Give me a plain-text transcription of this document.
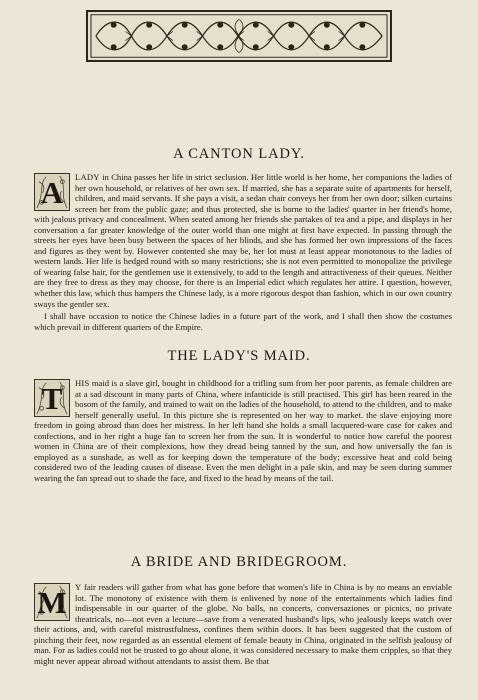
A CANTON LADY.
A	LADY in China passes her life in strict seclusion. Her little world is her home, her companions the ladies of her own household, or relatives of her own sex. If married, she has a separate suite of apartments for herself, children, and maid servants. If she pays a visit, a sedan chair conveys her from her own door; silken curtains screen her from the public gaze; and thus protected, she is borne to the ladies' quarter in her friend's home, with jealous privacy and concealment. When seated among her friends she partakes of tea and a pipe, and displays in her conversation a far greater knowledge of the outer world than one might at first have expected. In passing through the streets her eyes have been busy between the spaces of her blinds, and she has formed her own impressions of the faces and figures as they went by. However contented she may be, her lot must at least appear monotonous to the ladies of western lands. Her life is hedged round with so many restrictions; she is not even permitted to monopolize the privilege of wearing false hair, for the gentlemen use it extensively, to add to the length and attractiveness of their queues. Neither are they free to dress as they may choose, for there is an Imperial edict which regulates her attire. I question, however, whether this law, which thus hampers the Chinese lady, is a more rigorous despot than fashion, which in our own country sways the gentler sex.
I shall have occasion to notice the Chinese ladies in a future part of the work, and I shall then show the costumes which prevail in different quarters of the Empire.
THE LADY'S MAID.
T	HIS maid is a slave girl, bought in childhood for a trifling sum from her poor parents, as female children are at a sad discount in many parts of China, where infanticide is still practised. This girl has been reared in the bosom of the family, and trained to wait on the ladies of the household, to attend to the children, and to make herself generally useful. In this picture she is represented on her way to market. the slave enjoying more freedom in going abroad than does her mistress. In her left hand she holds a small lacquered-ware case for cakes and confections, and in her right a huge fan to screen her from the sun. It is wonderful to notice how careful the poorest women in China are of their complexions, how they dread being tanned by the sun, and how universally the fan is employed as a sunshade, as well as for keeping down the temperature of the body; excessive heat and cold being considered two of the leading causes of disease. Even the men delight in a pale skin, and may be seen during summer wearing the fan spread out to shade the face, and fixed to the head by means of the tail.
A BRIDE AND BRIDEGROOM.
M Y fair readers will gather from what has gone before that women's life in China is by no means an enviable lot. The monotony of existence with them is enlivened by none of the entertainments which ladies find indispensable in our quarter of the globe. No balls, no concerts, conversaziones or picnics, no private theatricals, no—not even a lecture—save from a venerated husband's lips, who jealously keeps watch over their actions, and, with careful mistrustfulness, confines them within doors. It has been suggested that the custom of pinching their feet, now regarded as an essential element of female beauty in China, originated in the selfish jealousy of man. For as ladies could not be trusted to go about alone, it was considered necessary to make them cripples, so that they might never appear abroad without attendants to assist them. Be that
